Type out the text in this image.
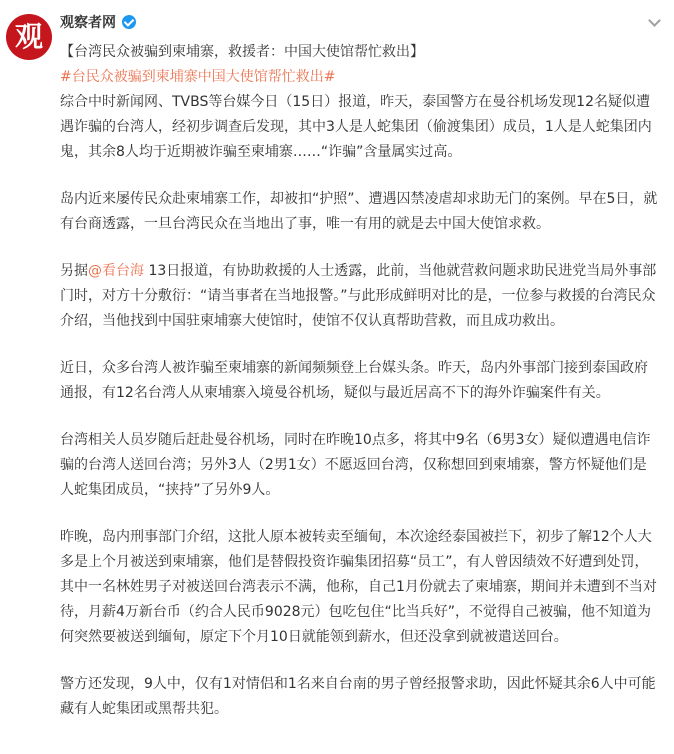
观 观察者网

【台湾民众被骗到柬埔寨，救援者：中国大使馆帮忙救出】

#台民众被骗到柬埔寨中国大使馆帮忙救出#

综合中时新闻网、TVBS等台媒今日（15日）报道，昨天，泰国警方在曼谷机场发现12名疑似遭遇诈骗的台湾人，经初步调查后发现，其中3人是人蛇集团（偷渡集团）成员，1人是人蛇集团内鬼，其余8人均于近期被诈骗至柬埔寨……“诈骗”含量属实过高。

岛内近来屡传民众赴柬埔寨工作，却被扣“护照”、遭遇囚禁凌虐却求助无门的案例。早在5日，就有台商透露，一旦台湾民众在当地出了事，唯一有用的就是去中国大使馆求救。

另据@看台海 13日报道，有协助救援的人士透露，此前，当他就营救问题求助民进党当局外事部门时，对方十分敷衍：“请当事者在当地报警。”与此形成鲜明对比的是，一位参与救援的台湾民众介绍，当他找到中国驻柬埔寨大使馆时，使馆不仅认真帮助营救，而且成功救出。

近日，众多台湾人被诈骗至柬埔寨的新闻频频登上台媒头条。昨天，岛内外事部门接到泰国政府通报，有12名台湾人从柬埔寨入境曼谷机场，疑似与最近居高不下的海外诈骗案件有关。

台湾相关人员岁随后赶赴曼谷机场，同时在昨晚10点多，将其中9名（6男3女）疑似遭遇电信诈骗的台湾人送回台湾；另外3人（2男1女）不愿返回台湾，仅称想回到柬埔寨，警方怀疑他们是人蛇集团成员，“挟持”了另外9人。

昨晚，岛内刑事部门介绍，这批人原本被转卖至缅甸，本次途经泰国被拦下，初步了解12个人大多是上个月被送到柬埔寨，他们是替假投资诈骗集团招募“员工”，有人曾因绩效不好遭到处罚，其中一名林姓男子对被送回台湾表示不满，他称，自己1月份就去了柬埔寨，期间并未遭到不当对待，月薪4万新台币（约合人民币9028元）包吃包住“比当兵好”，不觉得自己被骗，他不知道为何突然要被送到缅甸，原定下个月10日就能领到薪水，但还没拿到就被遣送回台。

警方还发现，9人中，仅有1对情侣和1名来自台南的男子曾经报警求助，因此怀疑其余6人中可能藏有人蛇集团或黑帮共犯。
